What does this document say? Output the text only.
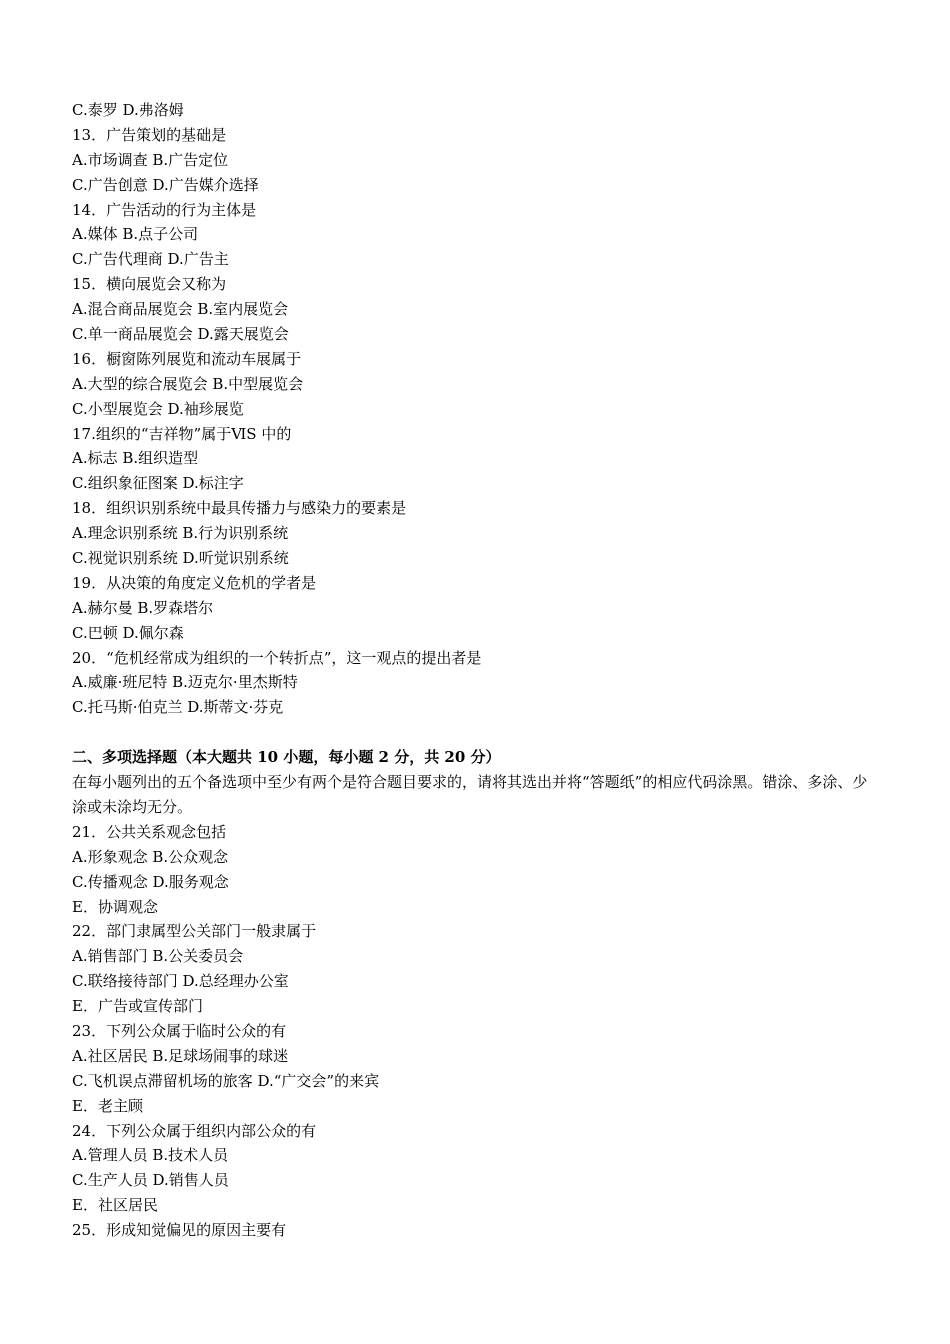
C.泰罗 D.弗洛姆
13．广告策划的基础是
A.市场调查 B.广告定位
C.广告创意 D.广告媒介选择
14．广告活动的行为主体是
A.媒体 B.点子公司
C.广告代理商 D.广告主
15．横向展览会又称为
A.混合商品展览会 B.室内展览会
C.单一商品展览会 D.露天展览会
16．橱窗陈列展览和流动车展属于
A.大型的综合展览会 B.中型展览会
C.小型展览会 D.袖珍展览
17.组织的“吉祥物”属于ⅥS 中的
A.标志 B.组织造型
C.组织象征图案 D.标注字
18．组织识别系统中最具传播力与感染力的要素是
A.理念识别系统 B.行为识别系统
C.视觉识别系统 D.听觉识别系统
19．从决策的角度定义危机的学者是
A.赫尔曼 B.罗森塔尔
C.巴顿 D.佩尔森
20．“危机经常成为组织的一个转折点”，这一观点的提出者是
A.威廉·班尼特 B.迈克尔·里杰斯特
C.托马斯·伯克兰 D.斯蒂文·芬克
二、多项选择题（本大题共 10 小题，每小题 2 分，共 20 分）
在每小题列出的五个备选项中至少有两个是符合题目要求的，请将其选出并将“答题纸”的相应代码涂黑。错涂、多涂、少涂或未涂均无分。
21．公共关系观念包括
A.形象观念 B.公众观念
C.传播观念 D.服务观念
E．协调观念
22．部门隶属型公关部门一般隶属于
A.销售部门 B.公关委员会
C.联络接待部门 D.总经理办公室
E．广告或宣传部门
23．下列公众属于临时公众的有
A.社区居民 B.足球场闹事的球迷
C.飞机误点滞留机场的旅客 D.“广交会”的来宾
E．老主顾
24．下列公众属于组织内部公众的有
A.管理人员 B.技术人员
C.生产人员 D.销售人员
E．社区居民
25．形成知觉偏见的原因主要有
